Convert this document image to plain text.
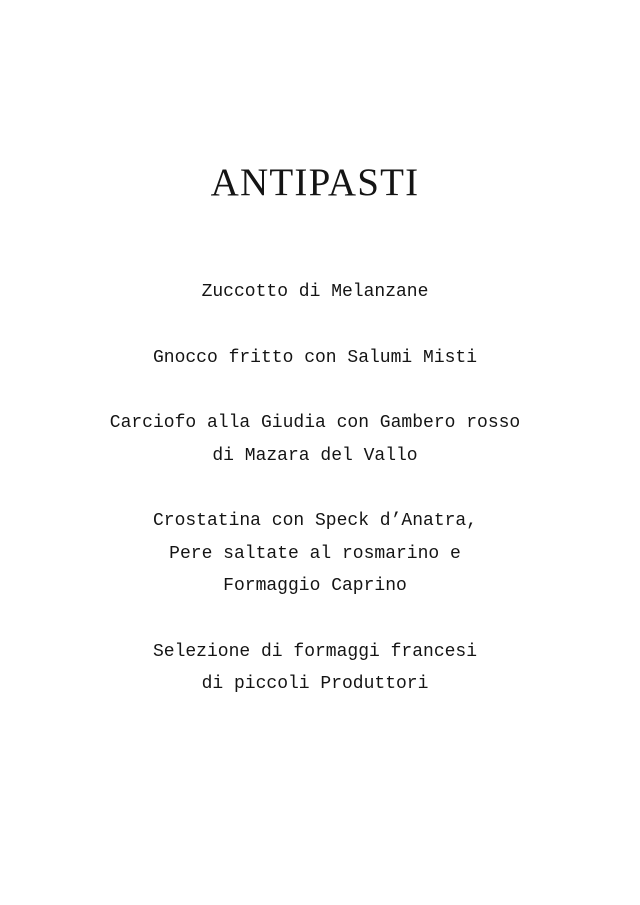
ANTIPASTI
Zuccotto di Melanzane
Gnocco fritto con Salumi Misti
Carciofo alla Giudia con Gambero rosso
di Mazara del Vallo
Crostatina con Speck d’Anatra,
Pere saltate al rosmarino e
Formaggio Caprino
Selezione di formaggi francesi
di piccoli Produttori
